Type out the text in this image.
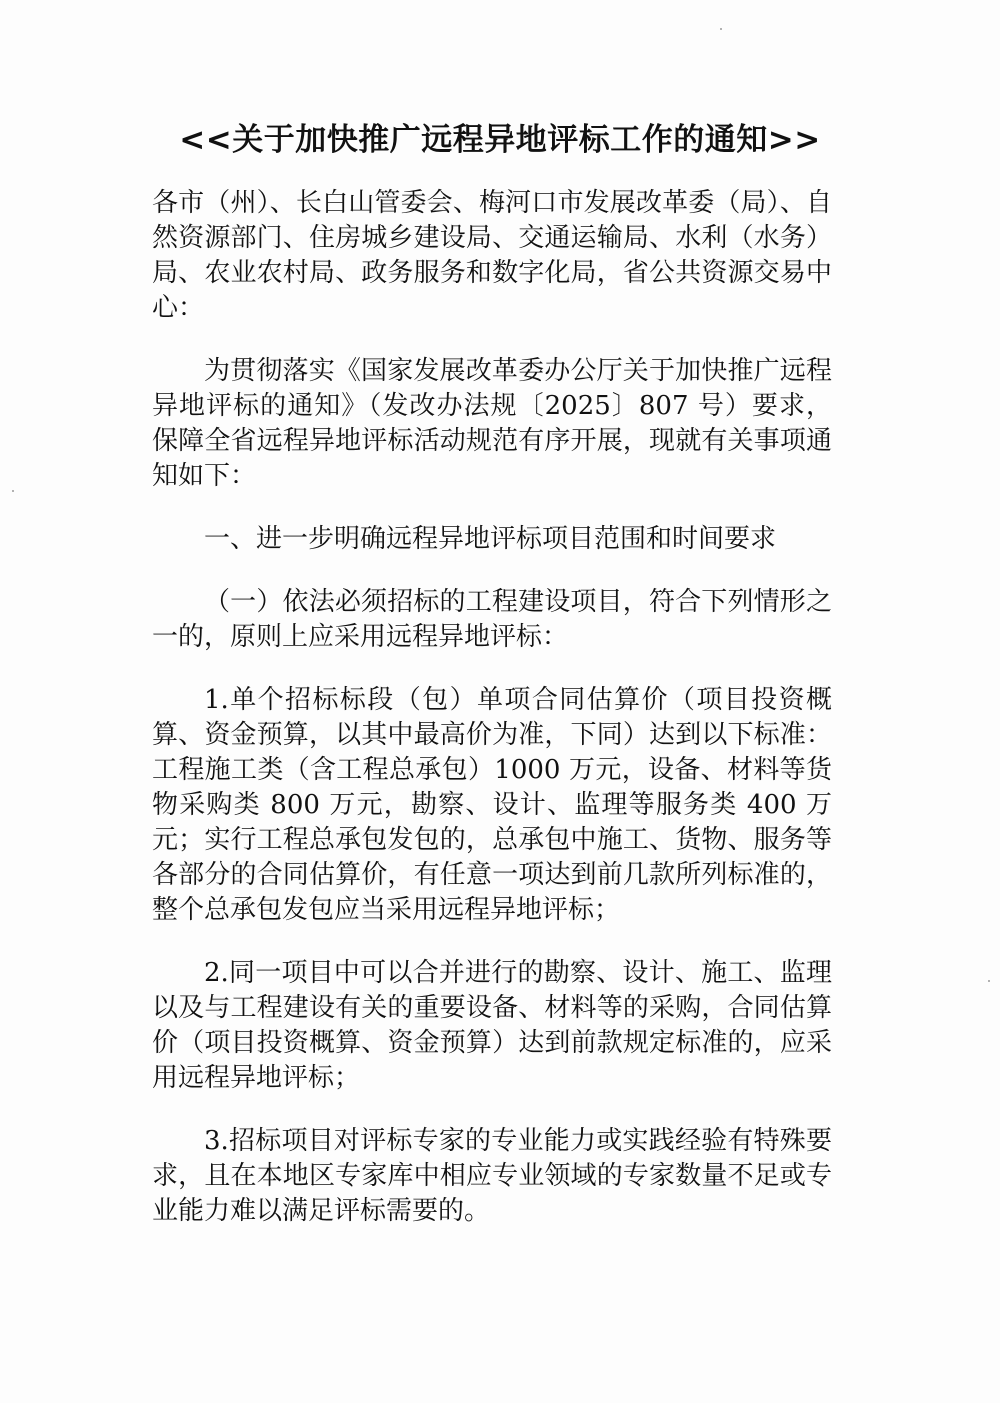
<<关于加快推广远程异地评标工作的通知>>

各市（州）、长白山管委会、梅河口市发展改革委（局）、自然资源部门、住房城乡建设局、交通运输局、水利（水务）局、农业农村局、政务服务和数字化局，省公共资源交易中心：

为贯彻落实《国家发展改革委办公厅关于加快推广远程异地评标的通知》（发改办法规〔2025〕807 号）要求，保障全省远程异地评标活动规范有序开展，现就有关事项通知如下：

一、进一步明确远程异地评标项目范围和时间要求

（一）依法必须招标的工程建设项目，符合下列情形之一的，原则上应采用远程异地评标：

1.单个招标标段（包）单项合同估算价（项目投资概算、资金预算，以其中最高价为准，下同）达到以下标准：工程施工类（含工程总承包）1000 万元，设备、材料等货物采购类 800 万元，勘察、设计、监理等服务类 400 万元；实行工程总承包发包的，总承包中施工、货物、服务等各部分的合同估算价，有任意一项达到前几款所列标准的，整个总承包发包应当采用远程异地评标；

2.同一项目中可以合并进行的勘察、设计、施工、监理以及与工程建设有关的重要设备、材料等的采购，合同估算价（项目投资概算、资金预算）达到前款规定标准的，应采用远程异地评标；

3.招标项目对评标专家的专业能力或实践经验有特殊要求，且在本地区专家库中相应专业领域的专家数量不足或专业能力难以满足评标需要的。
